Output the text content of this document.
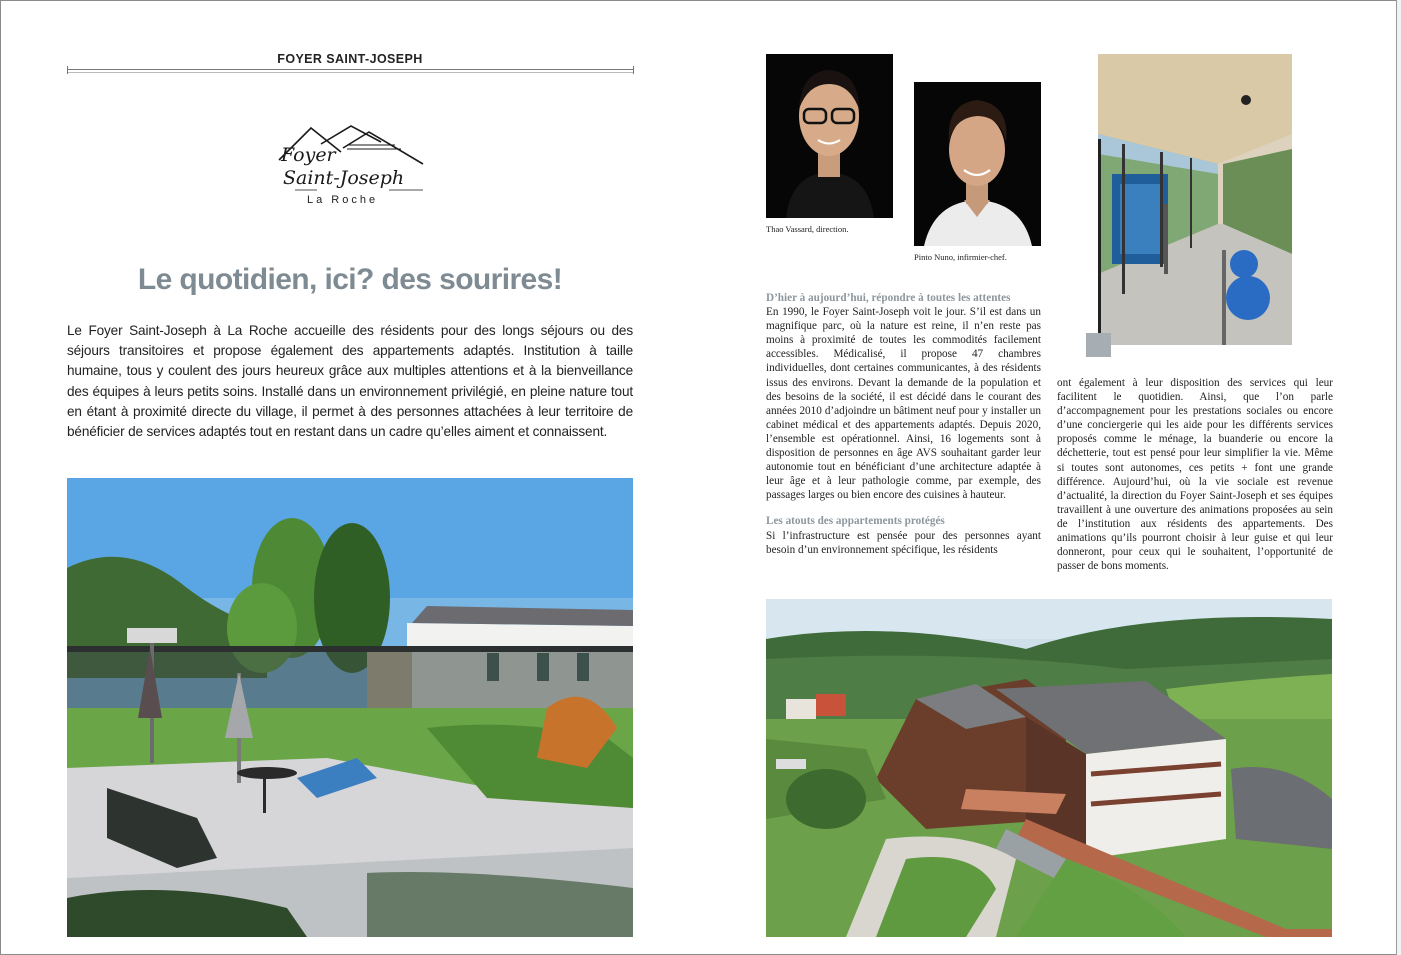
FOYER SAINT-JOSEPH
Foyer
Saint-Joseph
La Roche
Le quotidien, ici? des sourires!
Le Foyer Saint-Joseph à La Roche accueille des résidents pour des longs séjours ou des séjours transitoires et propose également des appartements adaptés. Institution à taille humaine, tous y coulent des jours heureux grâce aux multiples attentions et à la bienveillance des équipes à leurs petits soins. Installé dans un environnement privilégié, en pleine nature tout en étant à proximité directe du village, il permet à des personnes attachées à leur territoire de bénéficier de services adaptés tout en restant dans un cadre qu’elles aiment et connaissent.
Thao Vassard, direction.
Pinto Nuno, infirmier-chef.
D’hier à aujourd’hui, répondre à toutes les attentes
En 1990, le Foyer Saint-Joseph voit le jour. S’il est dans un magnifique parc, où la nature est reine, il n’en reste pas moins à proximité de toutes les commodités facilement accessibles. Médicalisé, il propose 47 chambres individuelles, dont certaines communicantes, à des résidents issus des environs. Devant la demande de la population et des besoins de la société, il est décidé dans le courant des années 2010 d’adjoindre un bâtiment neuf pour y installer un cabinet médical et des appartements adaptés. Depuis 2020, l’ensemble est opérationnel. Ainsi, 16 logements sont à disposition de personnes en âge AVS souhaitant garder leur autonomie tout en bénéficiant d’une architecture adaptée à leur âge et à leur pathologie comme, par exemple, des passages larges ou bien encore des cuisines à hauteur.
Les atouts des appartements protégés
Si l’infrastructure est pensée pour des personnes ayant besoin d’un environnement spécifique, les résidents
ont également à leur disposition des services qui leur facilitent le quotidien. Ainsi, que l’on parle d’accompagnement pour les prestations sociales ou encore d’une conciergerie qui les aide pour les différents services proposés comme le ménage, la buanderie ou encore la déchetterie, tout est pensé pour leur simplifier la vie. Même si toutes sont autonomes, ces petits + font une grande différence. Aujourd’hui, où la vie sociale est revenue d’actualité, la direction du Foyer Saint-Joseph et ses équipes travaillent à une ouverture des animations proposées au sein de l’institution aux résidents des appartements. Des animations qu’ils pourront choisir à leur guise et qui leur donneront, pour ceux qui le souhaitent, l’opportunité de passer de bons moments.
